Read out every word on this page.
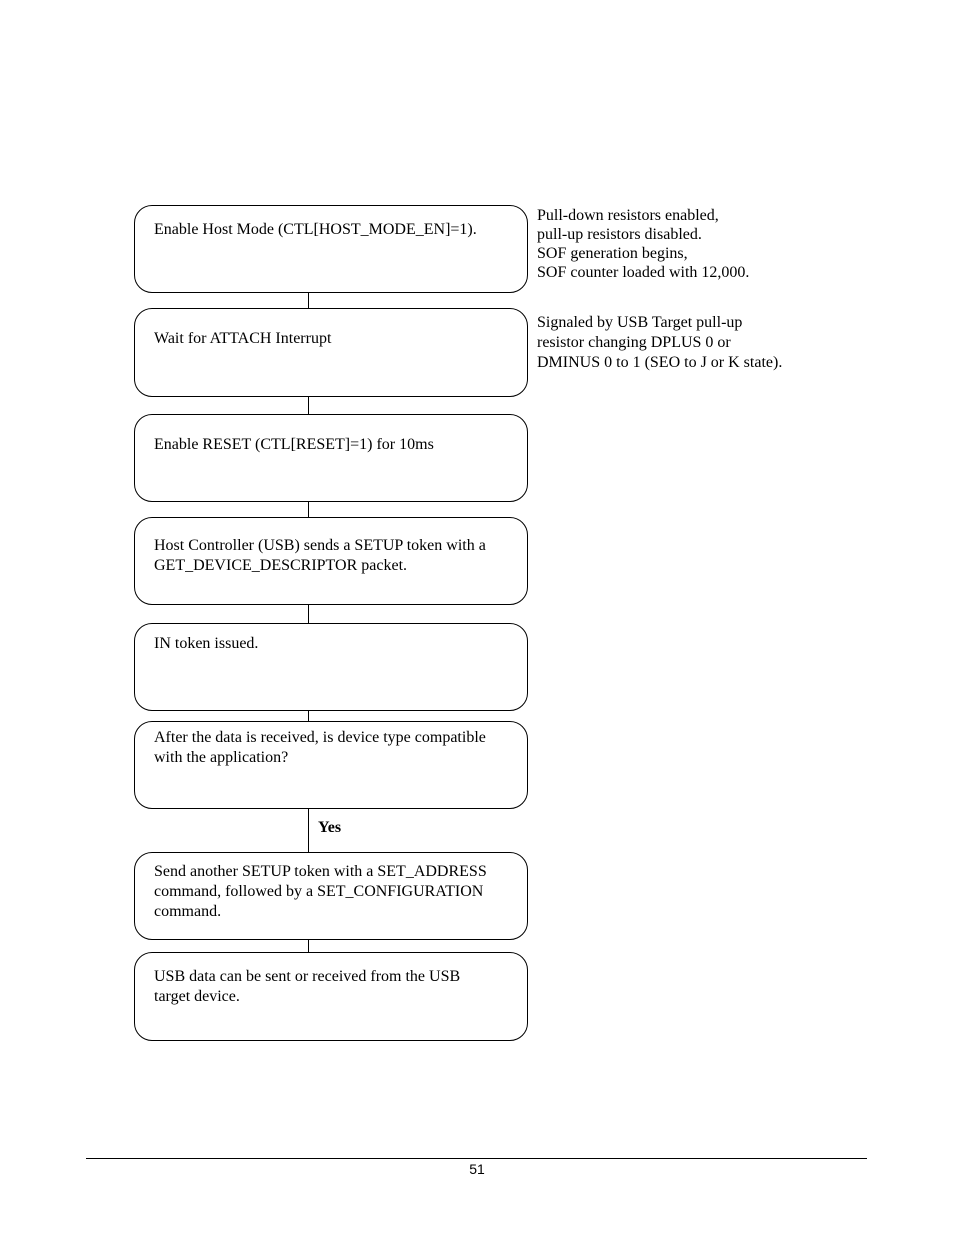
Enable Host Mode (CTL[HOST_MODE_EN]=1).
Wait for ATTACH Interrupt
Enable RESET (CTL[RESET]=1) for 10ms
Host Controller (USB) sends a SETUP token with a
GET_DEVICE_DESCRIPTOR packet.
IN token issued.
After the data is received, is device type compatible
with the application?
Yes
Send another SETUP token with a SET_ADDRESS
command, followed by a SET_CONFIGURATION
command.
USB data can be sent or received from the USB
target device.
Pull-down resistors enabled,
pull-up resistors disabled.
SOF generation begins,
SOF counter loaded with 12,000.
Signaled by USB Target pull-up
resistor changing DPLUS 0 or
DMINUS 0 to 1 (SEO to J or K state).
51
